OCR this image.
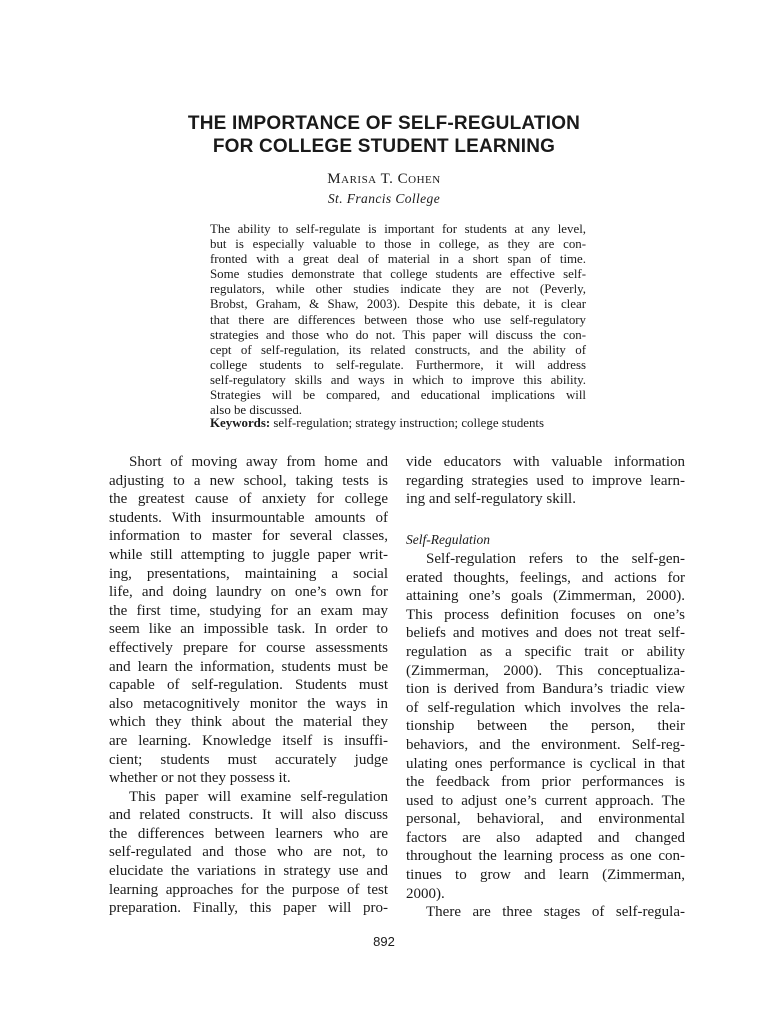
THE IMPORTANCE OF SELF-REGULATION
FOR COLLEGE STUDENT LEARNING
Marisa T. Cohen
St. Francis College
The ability to self-regulate is important for students at any level,
but is especially valuable to those in college, as they are con-
fronted with a great deal of material in a short span of time.
Some studies demonstrate that college students are effective self-
regulators, while other studies indicate they are not (Peverly,
Brobst, Graham, & Shaw, 2003). Despite this debate, it is clear
that there are differences between those who use self-regulatory
strategies and those who do not. This paper will discuss the con-
cept of self-regulation, its related constructs, and the ability of
college students to self-regulate. Furthermore, it will address
self-regulatory skills and ways in which to improve this ability.
Strategies will be compared, and educational implications will
also be discussed.
Keywords: self-regulation; strategy instruction; college students
Short of moving away from home and
adjusting to a new school, taking tests is
the greatest cause of anxiety for college
students. With insurmountable amounts of
information to master for several classes,
while still attempting to juggle paper writ-
ing, presentations, maintaining a social
life, and doing laundry on one’s own for
the first time, studying for an exam may
seem like an impossible task. In order to
effectively prepare for course assessments
and learn the information, students must be
capable of self-regulation. Students must
also metacognitively monitor the ways in
which they think about the material they
are learning. Knowledge itself is insuffi-
cient; students must accurately judge
whether or not they possess it.
This paper will examine self-regulation
and related constructs. It will also discuss
the differences between learners who are
self-regulated and those who are not, to
elucidate the variations in strategy use and
learning approaches for the purpose of test
preparation. Finally, this paper will pro-
vide educators with valuable information
regarding strategies used to improve learn-
ing and self-regulatory skill.
Self-Regulation
Self-regulation refers to the self-gen-
erated thoughts, feelings, and actions for
attaining one’s goals (Zimmerman, 2000).
This process definition focuses on one’s
beliefs and motives and does not treat self-
regulation as a specific trait or ability
(Zimmerman, 2000). This conceptualiza-
tion is derived from Bandura’s triadic view
of self-regulation which involves the rela-
tionship between the person, their
behaviors, and the environment. Self-reg-
ulating ones performance is cyclical in that
the feedback from prior performances is
used to adjust one’s current approach. The
personal, behavioral, and environmental
factors are also adapted and changed
throughout the learning process as one con-
tinues to grow and learn (Zimmerman,
2000).
There are three stages of self-regula-
892
